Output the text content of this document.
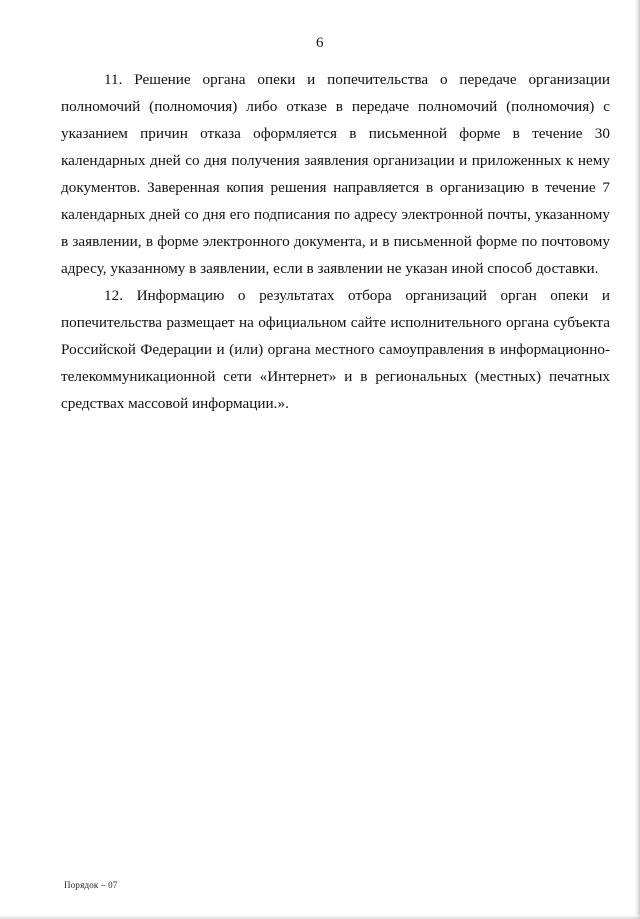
6

11. Решение органа опеки и попечительства о передаче организации полномочий (полномочия) либо отказе в передаче полномочий (полномочия) с указанием причин отказа оформляется в письменной форме в течение 30 календарных дней со дня получения заявления организации и приложенных к нему документов. Заверенная копия решения направляется в организацию в течение 7 календарных дней со дня его подписания по адресу электронной почты, указанному в заявлении, в форме электронного документа, и в письменной форме по почтовому адресу, указанному в заявлении, если в заявлении не указан иной способ доставки.

12. Информацию о результатах отбора организаций орган опеки и попечительства размещает на официальном сайте исполнительного органа субъекта Российской Федерации и (или) органа местного самоуправления в информационно-телекоммуникационной сети «Интернет» и в региональных (местных) печатных средствах массовой информации.».

Порядок – 07
